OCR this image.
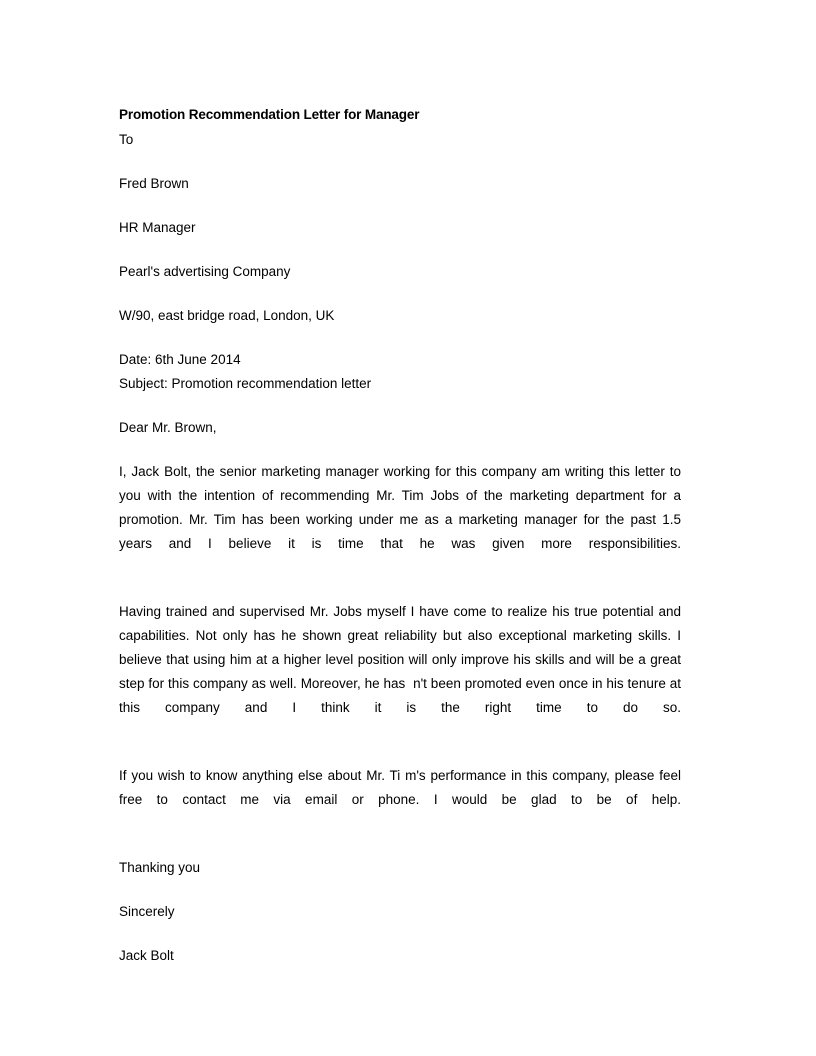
Promotion Recommendation Letter for Manager

To

Fred Brown

HR Manager

Pearl's advertising Company

W/90, east bridge road, London, UK

Date: 6th June 2014

Subject: Promotion recommendation letter

Dear Mr. Brown,

I, Jack Bolt, the senior marketing manager working for this company am writing this letter to you with the intention of recommending Mr. Tim Jobs of the marketing department for a promotion. Mr. Tim has been working under me as a marketing manager for the past 1.5 years and I believe it is time that he was given more responsibilities.

Having trained and supervised Mr. Jobs myself I have come to realize his true potential and capabilities. Not only has he shown great reliability but also exceptional marketing skills. I believe that using him at a higher level position will only improve his skills and will be a great step for this company as well. Moreover, he has  n't been promoted even once in his tenure at this company and I think it is the right time to do so.

If you wish to know anything else about Mr. Ti m's performance in this company, please feel free to contact me via email or phone. I would be glad to be of help.

Thanking you

Sincerely

Jack Bolt
